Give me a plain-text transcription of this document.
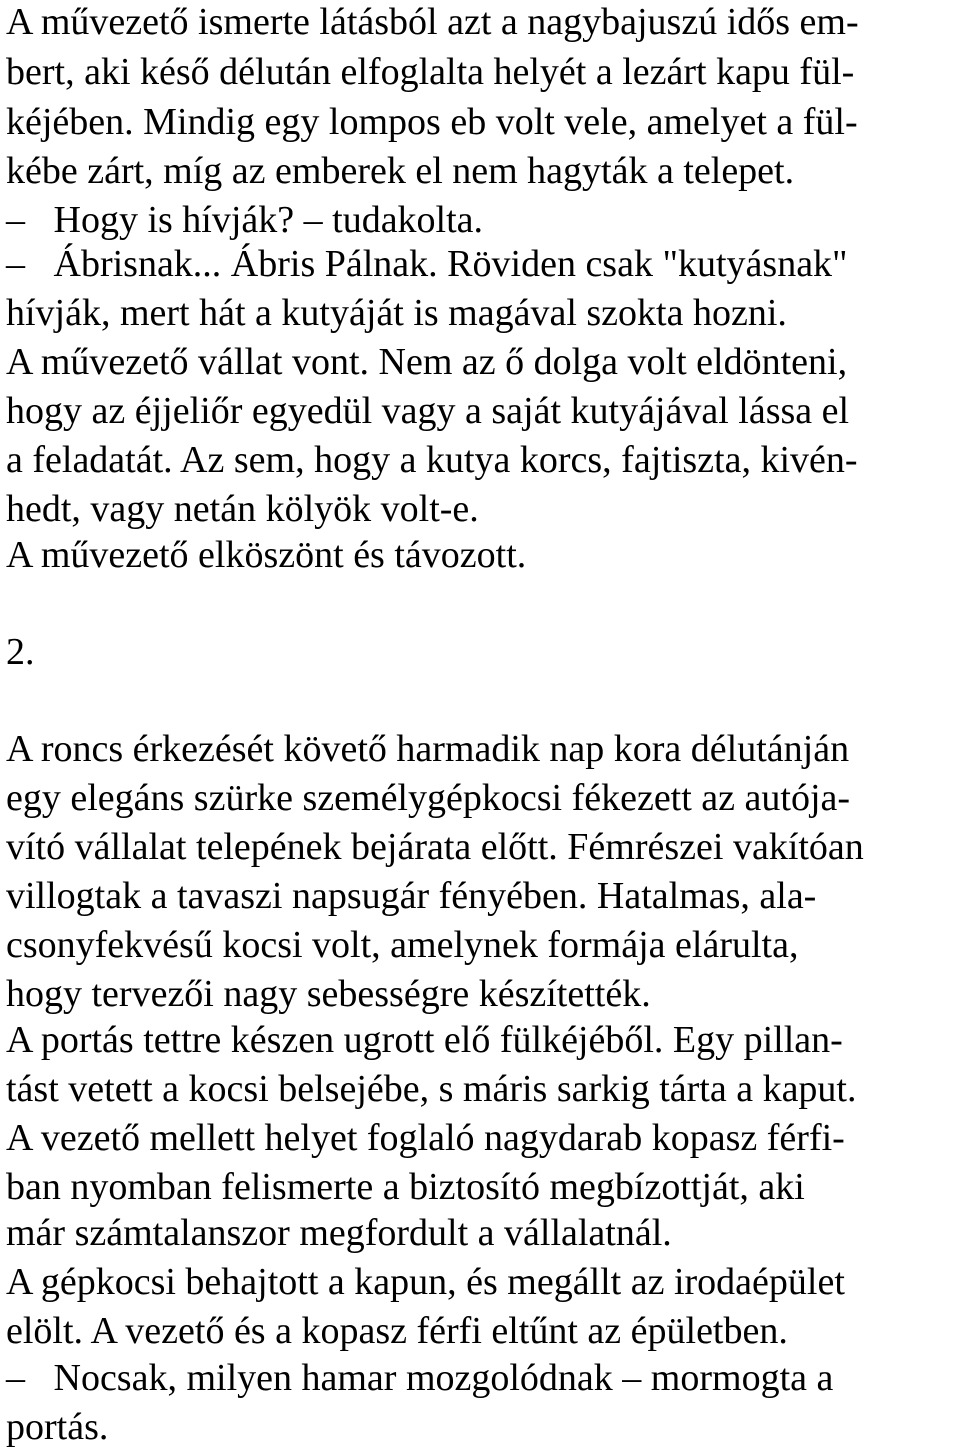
A művezető ismerte látásból azt a nagybajuszú idős em-
bert, aki késő délután elfoglalta helyét a lezárt kapu fül-
kéjében. Mindig egy lompos eb volt vele, amelyet a fül-
kébe zárt, míg az emberek el nem hagyták a telepet.
–   Hogy is hívják? – tudakolta.
–   Ábrisnak... Ábris Pálnak. Röviden csak "kutyásnak"
hívják, mert hát a kutyáját is magával szokta hozni.
A művezető vállat vont. Nem az ő dolga volt eldönteni,
hogy az éjjeliőr egyedül vagy a saját kutyájával lássa el
a feladatát. Az sem, hogy a kutya korcs, fajtiszta, kivén-
hedt, vagy netán kölyök volt-e.
A művezető elköszönt és távozott.
2.
A roncs érkezését követő harmadik nap kora délutánján
egy elegáns szürke személygépkocsi fékezett az autója-
vító vállalat telepének bejárata előtt. Fémrészei vakítóan
villogtak a tavaszi napsugár fényében. Hatalmas, ala-
csonyfekvésű kocsi volt, amelynek formája elárulta,
hogy tervezői nagy sebességre készítették.
A portás tettre készen ugrott elő fülkéjéből. Egy pillan-
tást vetett a kocsi belsejébe, s máris sarkig tárta a kaput.
A vezető mellett helyet foglaló nagydarab kopasz férfi-
ban nyomban felismerte a biztosító megbízottját, aki
már számtalanszor megfordult a vállalatnál.
A gépkocsi behajtott a kapun, és megállt az irodaépület
elölt. A vezető és a kopasz férfi eltűnt az épületben.
–   Nocsak, milyen hamar mozgolódnak – mormogta a
portás.
